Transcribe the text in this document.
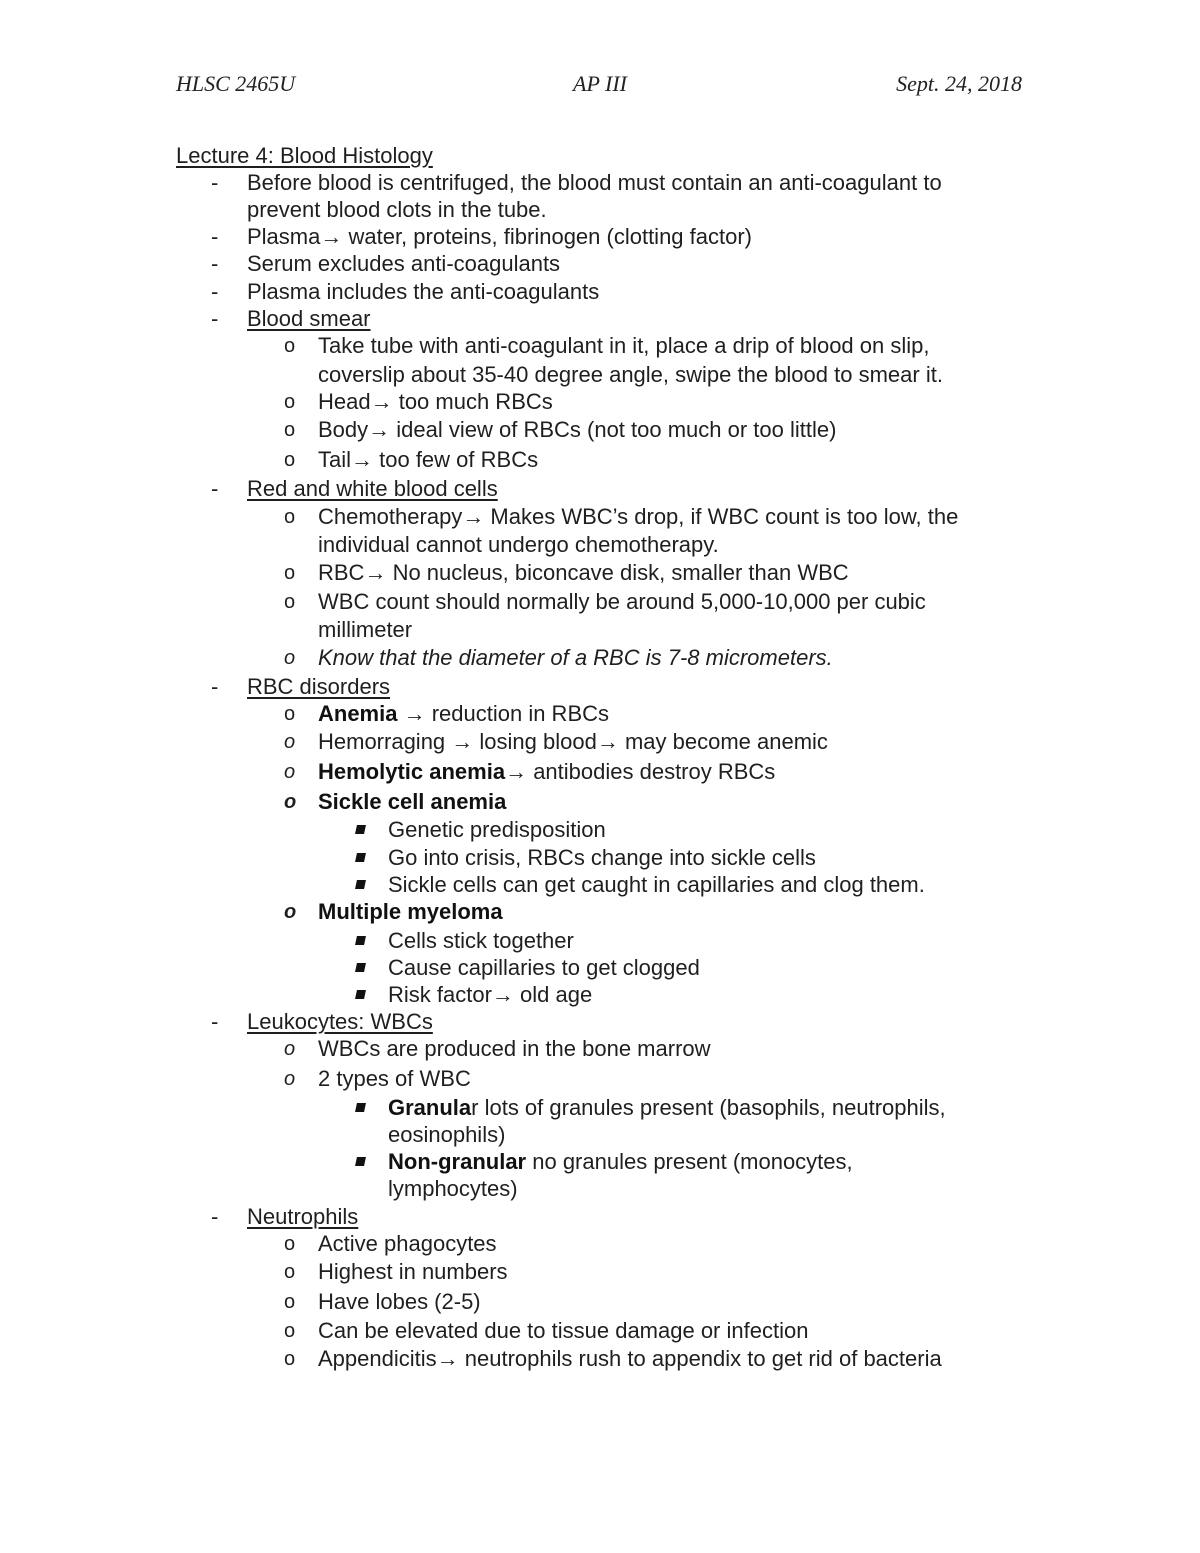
HLSC 2465U	AP III	Sept. 24, 2018
Lecture 4: Blood Histology
- Before blood is centrifuged, the blood must contain an anti-coagulant to
prevent blood clots in the tube.
- Plasma→ water, proteins, fibrinogen (clotting factor)
- Serum excludes anti-coagulants
- Plasma includes the anti-coagulants
- Blood smear
o Take tube with anti-coagulant in it, place a drip of blood on slip,
coverslip about 35-40 degree angle, swipe the blood to smear it.
o Head→ too much RBCs
o Body→ ideal view of RBCs (not too much or too little)
o Tail→ too few of RBCs
- Red and white blood cells
o Chemotherapy→ Makes WBC’s drop, if WBC count is too low, the
individual cannot undergo chemotherapy.
o RBC→ No nucleus, biconcave disk, smaller than WBC
o WBC count should normally be around 5,000-10,000 per cubic
millimeter
o Know that the diameter of a RBC is 7-8 micrometers.
- RBC disorders
o Anemia → reduction in RBCs
o Hemorraging → losing blood→ may become anemic
o Hemolytic anemia→ antibodies destroy RBCs
o Sickle cell anemia
Genetic predisposition
Go into crisis, RBCs change into sickle cells
Sickle cells can get caught in capillaries and clog them.
o Multiple myeloma
Cells stick together
Cause capillaries to get clogged
Risk factor→ old age
- Leukocytes: WBCs
o WBCs are produced in the bone marrow
o 2 types of WBC
Granular lots of granules present (basophils, neutrophils,
eosinophils)
Non-granular no granules present (monocytes,
lymphocytes)
- Neutrophils
o Active phagocytes
o Highest in numbers
o Have lobes (2-5)
o Can be elevated due to tissue damage or infection
o Appendicitis→ neutrophils rush to appendix to get rid of bacteria
